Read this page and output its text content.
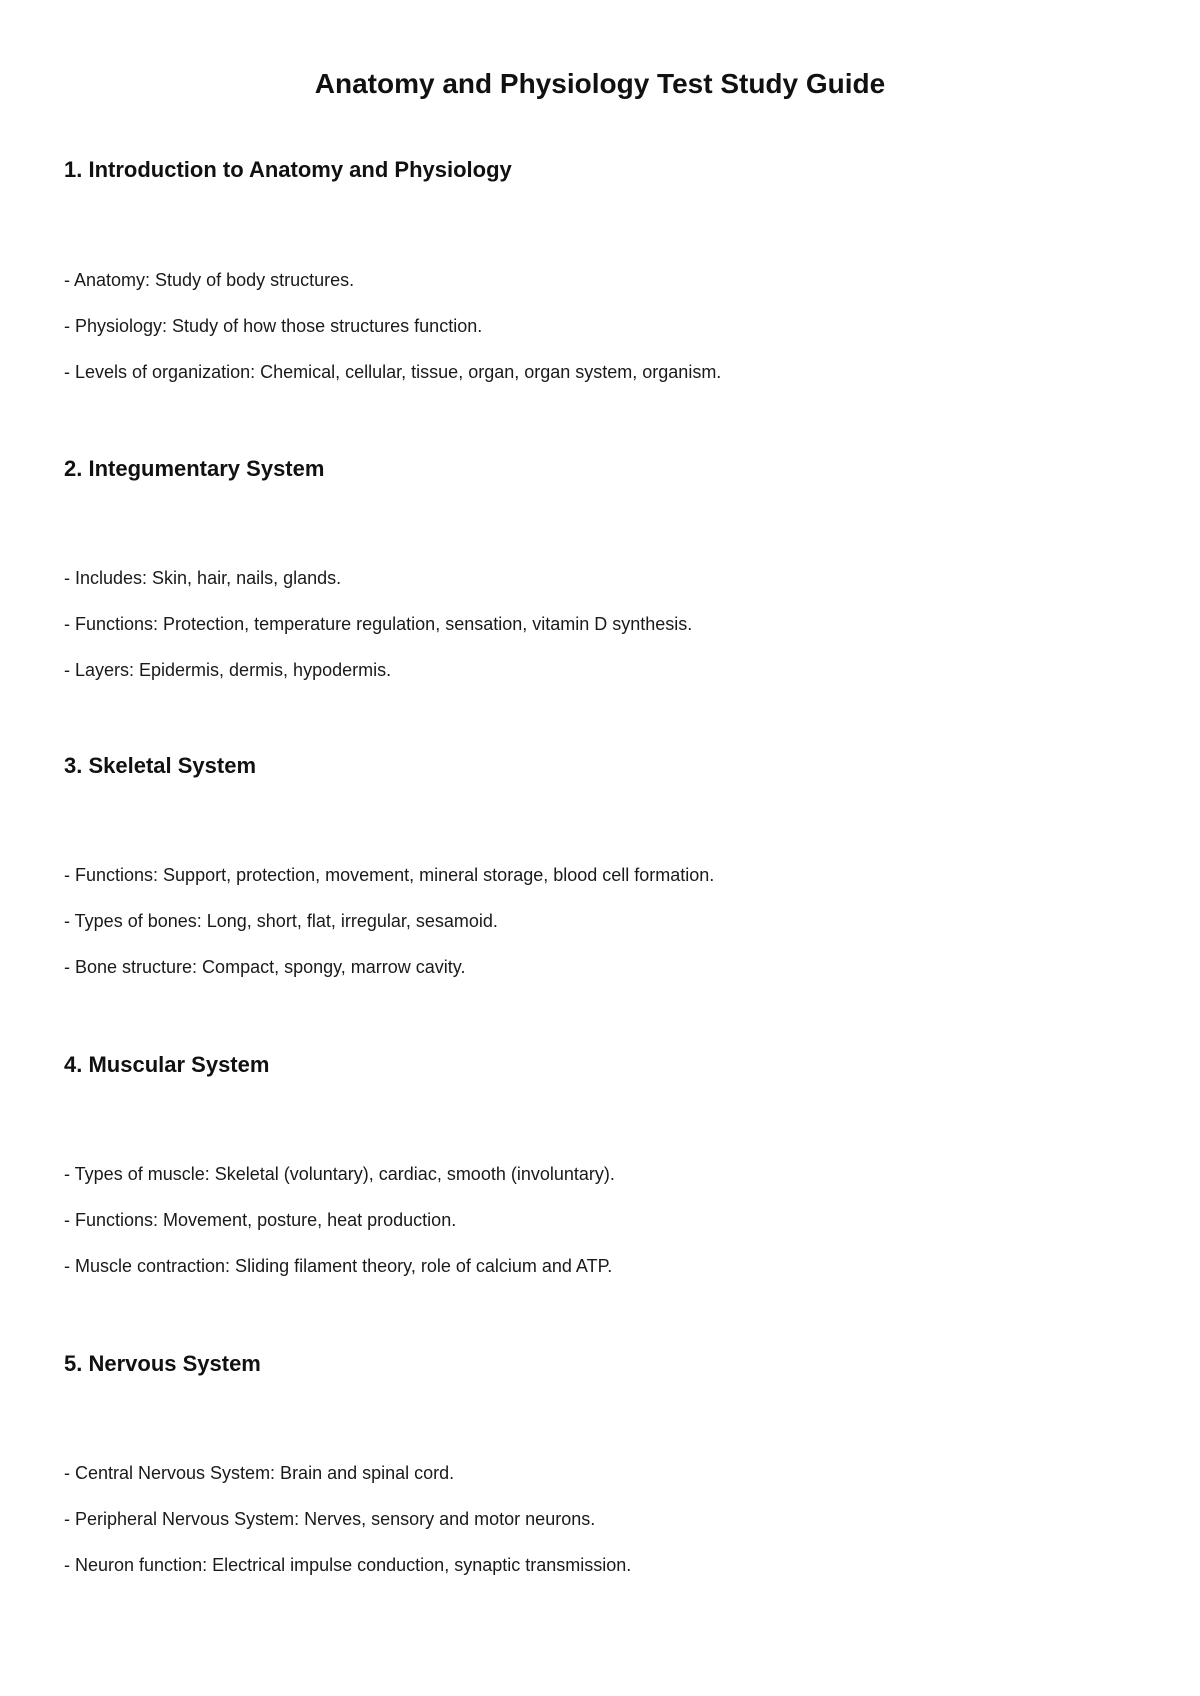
Anatomy and Physiology Test Study Guide
1. Introduction to Anatomy and Physiology

- Anatomy: Study of body structures.

- Physiology: Study of how those structures function.

- Levels of organization: Chemical, cellular, tissue, organ, organ system, organism.

2. Integumentary System

- Includes: Skin, hair, nails, glands.

- Functions: Protection, temperature regulation, sensation, vitamin D synthesis.

- Layers: Epidermis, dermis, hypodermis.

3. Skeletal System

- Functions: Support, protection, movement, mineral storage, blood cell formation.

- Types of bones: Long, short, flat, irregular, sesamoid.

- Bone structure: Compact, spongy, marrow cavity.

4. Muscular System

- Types of muscle: Skeletal (voluntary), cardiac, smooth (involuntary).

- Functions: Movement, posture, heat production.

- Muscle contraction: Sliding filament theory, role of calcium and ATP.

5. Nervous System

- Central Nervous System: Brain and spinal cord.

- Peripheral Nervous System: Nerves, sensory and motor neurons.

- Neuron function: Electrical impulse conduction, synaptic transmission.
